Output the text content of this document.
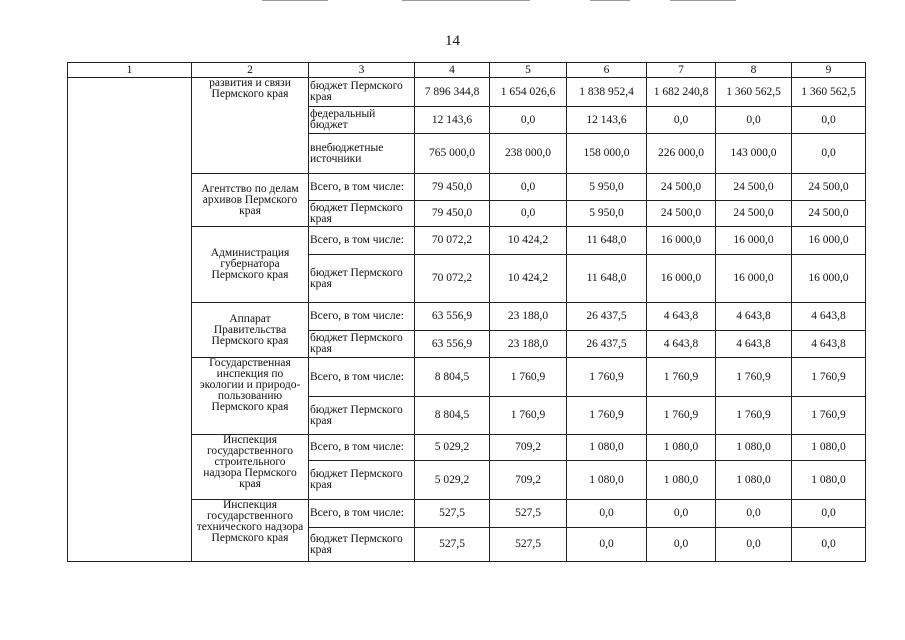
14
1	2	3	4	5	6	7	8	9
	развития и связи Пермского края	бюджет Пермского края	7 896 344,8	1 654 026,6	1 838 952,4	1 682 240,8	1 360 562,5	1 360 562,5
		федеральный бюджет	12 143,6	0,0	12 143,6	0,0	0,0	0,0
		внебюджетные источники	765 000,0	238 000,0	158 000,0	226 000,0	143 000,0	0,0
	Агентство по делам архивов Пермского края	Всего, в том числе:	79 450,0	0,0	5 950,0	24 500,0	24 500,0	24 500,0
		бюджет Пермского края	79 450,0	0,0	5 950,0	24 500,0	24 500,0	24 500,0
	Администрация губернатора Пермского края	Всего, в том числе:	70 072,2	10 424,2	11 648,0	16 000,0	16 000,0	16 000,0
		бюджет Пермского края	70 072,2	10 424,2	11 648,0	16 000,0	16 000,0	16 000,0
	Аппарат Правительства Пермского края	Всего, в том числе:	63 556,9	23 188,0	26 437,5	4 643,8	4 643,8	4 643,8
		бюджет Пермского края	63 556,9	23 188,0	26 437,5	4 643,8	4 643,8	4 643,8
	Государственная инспекция по экологии и природо-пользованию Пермского края	Всего, в том числе:	8 804,5	1 760,9	1 760,9	1 760,9	1 760,9	1 760,9
		бюджет Пермского края	8 804,5	1 760,9	1 760,9	1 760,9	1 760,9	1 760,9
	Инспекция государственного строительного надзора Пермского края	Всего, в том числе:	5 029,2	709,2	1 080,0	1 080,0	1 080,0	1 080,0
		бюджет Пермского края	5 029,2	709,2	1 080,0	1 080,0	1 080,0	1 080,0
	Инспекция государственного технического надзора Пермского края	Всего, в том числе:	527,5	527,5	0,0	0,0	0,0	0,0
		бюджет Пермского края	527,5	527,5	0,0	0,0	0,0	0,0
